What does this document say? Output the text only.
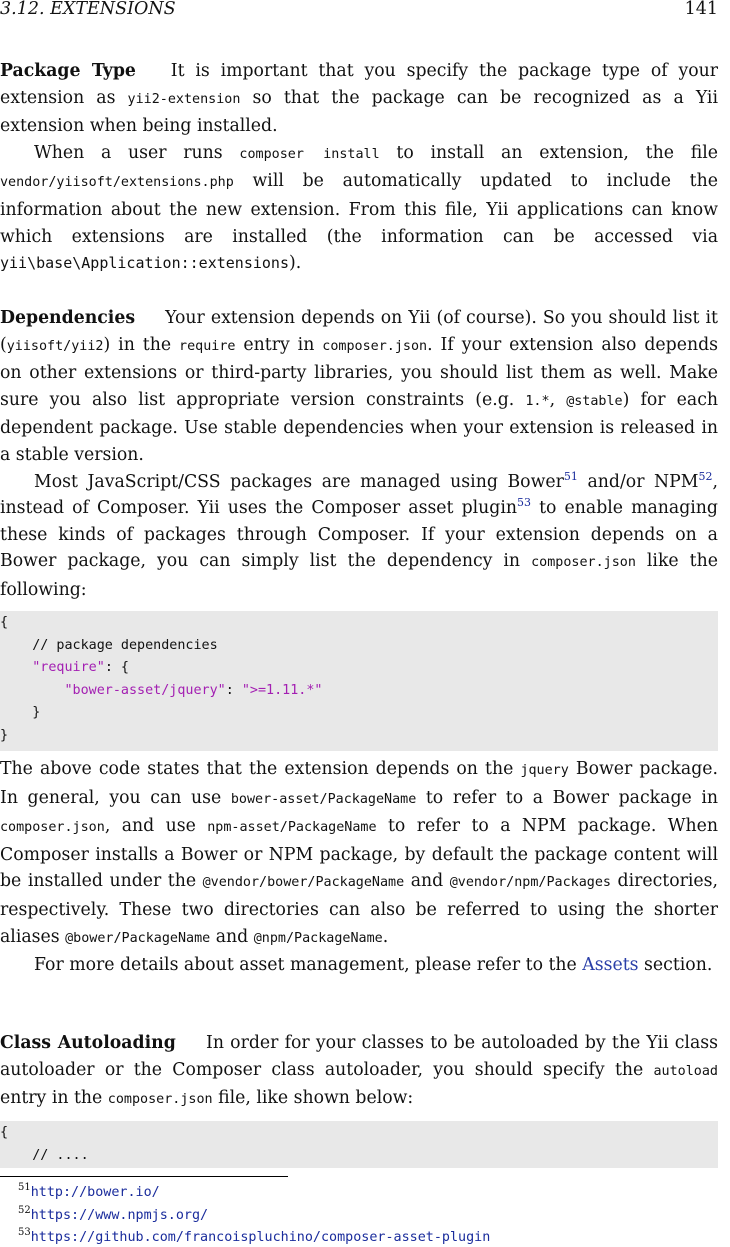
3.12. EXTENSIONS	141

Package Type It is important that you specify the package type of your extension as yii2-extension so that the package can be recognized as a Yii extension when being installed.

When a user runs composer install to install an extension, the file vendor/yiisoft/extensions.php will be automatically updated to include the information about the new extension. From this file, Yii applications can know which extensions are installed (the information can be accessed via yii\base\Application::extensions).

Dependencies Your extension depends on Yii (of course). So you should list it (yiisoft/yii2) in the require entry in composer.json. If your extension also depends on other extensions or third-party libraries, you should list them as well. Make sure you also list appropriate version constraints (e.g. 1.*, @stable) for each dependent package. Use stable dependencies when your extension is released in a stable version.

Most JavaScript/CSS packages are managed using Bower$^{51}$ and/or NPM$^{52}$, instead of Composer. Yii uses the Composer asset plugin$^{53}$ to enable managing these kinds of packages through Composer. If your extension depends on a Bower package, you can simply list the dependency in composer.json like the following:

{
// package dependencies
"require": {
"bower-asset/jquery": ">=1.11.*"
}
}

The above code states that the extension depends on the jquery Bower package. In general, you can use bower-asset/PackageName to refer to a Bower package in composer.json, and use npm-asset/PackageName to refer to a NPM package. When Composer installs a Bower or NPM package, by default the package content will be installed under the @vendor/bower/PackageName and @vendor/npm/Packages directories, respectively. These two directories can also be referred to using the shorter aliases @bower/PackageName and @npm/PackageName.

For more details about asset management, please refer to the Assets section.

Class Autoloading In order for your classes to be autoloaded by the Yii class autoloader or the Composer class autoloader, you should specify the autoload entry in the composer.json file, like shown below:

{
// ....
$^{51}$http://bower.io/
$^{52}$https://www.npmjs.org/
$^{53}$https://github.com/francoispluchino/composer-asset-plugin
